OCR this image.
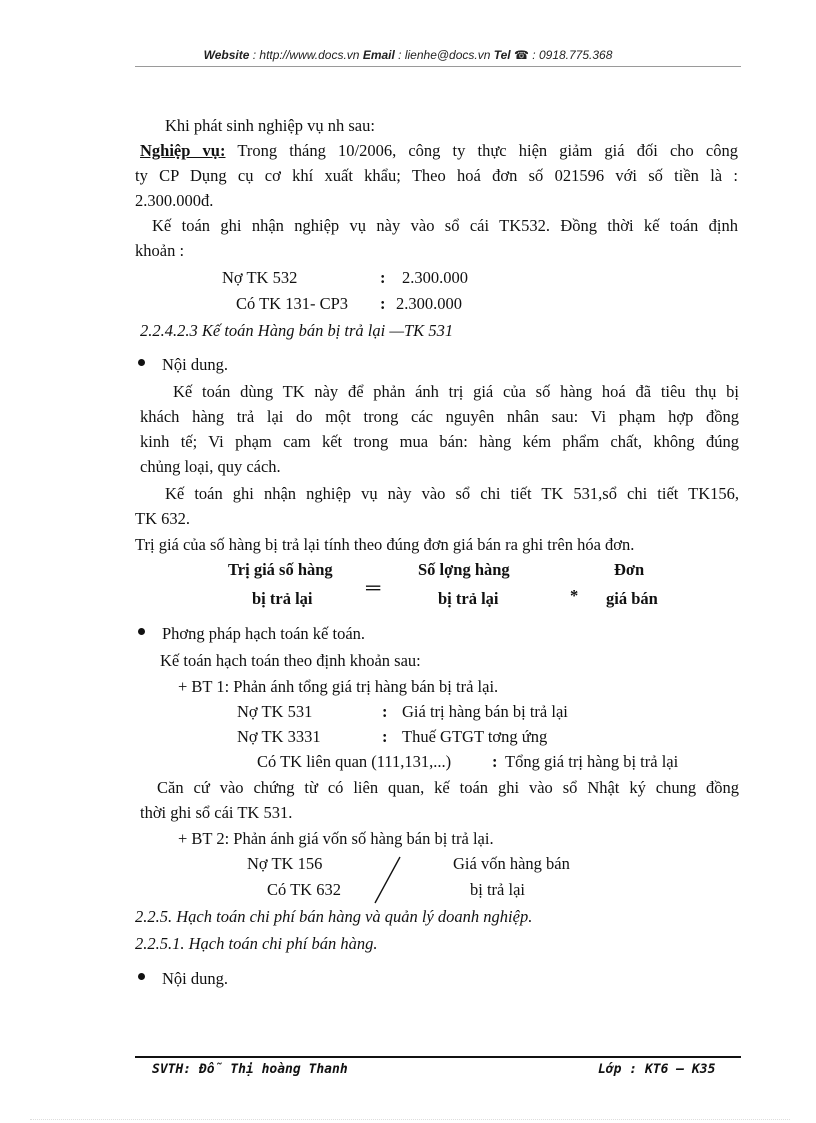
Website : http://www.docs.vn Email : lienhe@docs.vn Tel ☎ : 0918.775.368
Khi phát sinh nghiệp vụ nh sau:
Nghiệp vụ: Trong tháng 10/2006, công ty thực hiện giảm giá đối cho công
ty CP Dụng cụ cơ khí xuất khẩu; Theo hoá đơn số 021596 với số tiền là :
2.300.000đ.
Kế toán ghi nhận nghiệp vụ này vào sổ cái TK532. Đồng thời kế toán định
khoản :
Nợ TK 532	: 2.300.000
Có TK 131- CP3 : 2.300.000
2.2.4.2.3 Kế toán Hàng bán bị trả lại —TK 531
Nội dung.
Kế toán dùng TK này để phản ánh trị giá của số hàng hoá đã tiêu thụ bị
khách hàng trả lại do một trong các nguyên nhân sau: Vi phạm hợp đồng
kinh tế; Vi phạm cam kết trong mua bán: hàng kém phẩm chất, không đúng
chủng loại, quy cách.
Kế toán ghi nhận nghiệp vụ này vào sổ chi tiết TK 531,sổ chi tiết TK156,
TK 632.
Trị giá của số hàng bị trả lại tính theo đúng đơn giá bán ra ghi trên hóa đơn.
Trị giá số hàng
bị trả lại	═
Số lợng hàng
bị trả lại	*
Đơn
giá bán
Phơng pháp hạch toán kế toán.
Kế toán hạch toán theo định khoản sau:
+ BT 1: Phản ánh tổng giá trị hàng bán bị trả lại.
Nợ TK 531	: Giá trị hàng bán bị trả lại
Nợ TK 3331	: Thuế GTGT tơng ứng
Có TK liên quan (111,131,...) : Tổng giá trị hàng bị trả lại
Căn cứ vào chứng từ có liên quan, kế toán ghi vào sổ Nhật ký chung đồng
thời ghi sổ cái TK 531.
+ BT 2: Phản ánh giá vốn số hàng bán bị trả lại.
Nợ TK 156
Có TK 632
Giá vốn hàng bán
bị trả lại
2.2.5. Hạch toán chi phí bán hàng và quản lý doanh nghiệp.
2.2.5.1. Hạch toán chi phí bán hàng.
Nội dung.
SVTH: Đỗ Thị hoàng Thanh	Lớp : KT6 – K35
